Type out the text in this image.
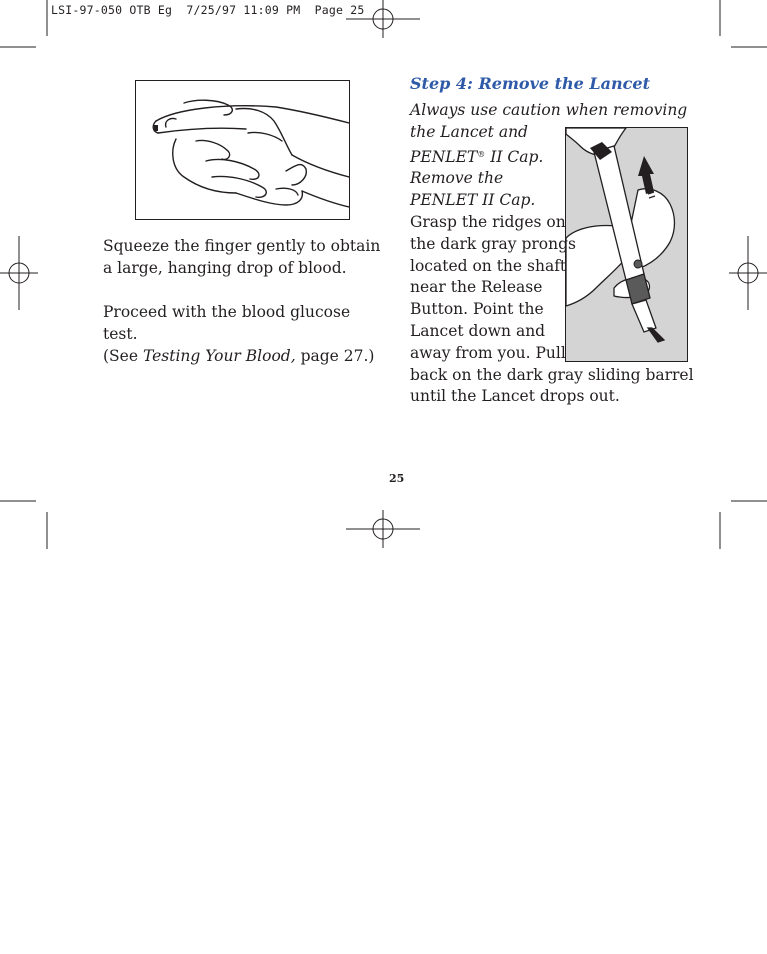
LSI-97-050 OTB Eg  7/25/97 11:09 PM  Page 25

Squeeze the finger gently to obtain
a large, hanging drop of blood.

Proceed with the blood glucose test.
(See Testing Your Blood, page 27.)

Step 4: Remove the Lancet
Always use caution when removing
the Lancet and
PENLET® II Cap.
Remove the
PENLET II Cap.
Grasp the ridges on
the dark gray prongs
located on the shaft
near the Release
Button. Point the
Lancet down and
away from you. Pull
back on the dark gray sliding barrel
until the Lancet drops out.
25
